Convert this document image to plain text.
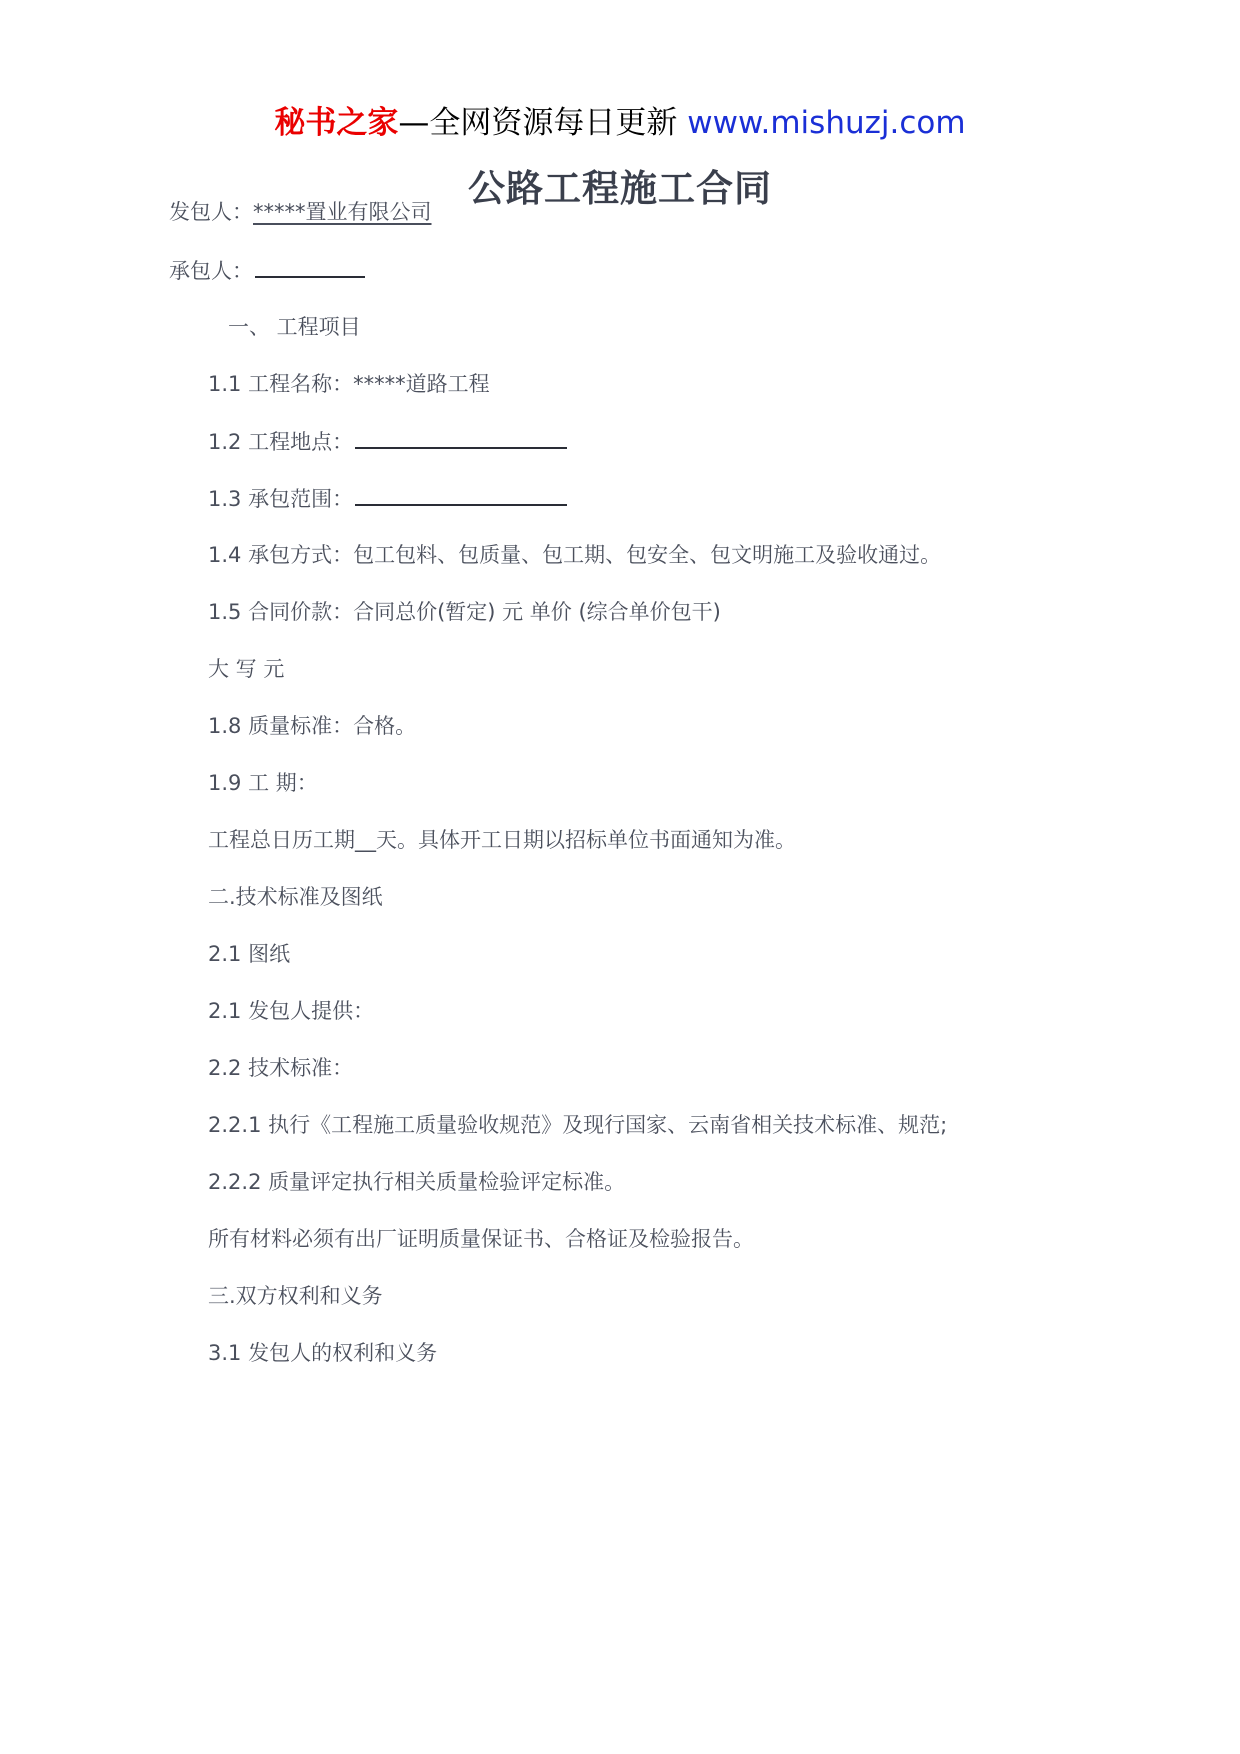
秘书之家—全网资源每日更新 www.mishuzj.com
公路工程施工合同
发包人：*****置业有限公司
承包人：
一、 工程项目
1.1 工程名称：*****道路工程
1.2 工程地点：
1.3 承包范围：
1.4 承包方式：包工包料、包质量、包工期、包安全、包文明施工及验收通过。
1.5 合同价款：合同总价(暂定) 元 单价 (综合单价包干)
大 写 元
1.8 质量标准：合格。
1.9 工 期：
工程总日历工期__天。具体开工日期以招标单位书面通知为准。
二.技术标准及图纸
2.1 图纸
2.1 发包人提供：
2.2 技术标准：
2.2.1 执行《工程施工质量验收规范》及现行国家、云南省相关技术标准、规范;
2.2.2 质量评定执行相关质量检验评定标准。
所有材料必须有出厂证明质量保证书、合格证及检验报告。
三.双方权利和义务
3.1 发包人的权利和义务
